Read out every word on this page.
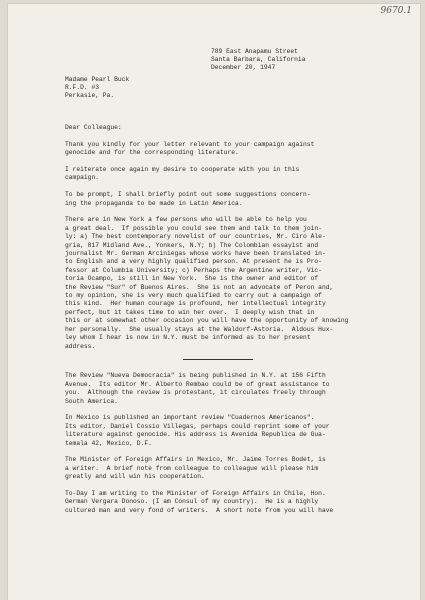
9670.1
789 East Anapamu Street
Santa Barbara, California
December 20, 1947
Madame Pearl Buck
R.F.D. #3
Perkasie, Pa.
Dear Colleague:
Thank you kindly for your letter relevant to your campaign against
genocide and for the corresponding literature.
I reiterate once again my desire to cooperate with you in this
campaign.
To be prompt, I shall briefly point out some suggestions concern-
ing the propaganda to be made in Latin America.
There are in New York a few persons who will be able to help you
a great deal.  If possible you could see them and talk to them join-
ly: a) The best contemporary novelist of our countries, Mr. Ciro Ale-
gria, 817 Midland Ave., Yonkers, N.Y; b) The Colombian essayist and
journalist Mr. German Arciniegas whose works have been translated in-
to English and a very highly qualified person. At present he is Pro-
fessor at Columbia University; c) Perhaps the Argentine writer, Vic-
toria Ocampo, is still in New York.  She is the owner and editor of
the Review "Sur" of Buenos Aires.  She is not an advocate of Peron and,
to my opinion, she is very much qualified to carry out a campaign of
this kind.  Her human courage is profound, her intellectual integrity
perfect, but it takes time to win her over.  I deeply wish that in
this or at somewhat other occasion you will have the opportunity of knowing
her personally.  She usually stays at the Waldorf-Astoria.  Aldous Hux-
ley whom I hear is now in N.Y. must be informed as to her present
address.
The Review "Nueva Democracia" is being published in N.Y. at 156 Fifth
Avenue.  Its editor Mr. Alberto Rembao could be of great assistance to
you.  Although the review is protestant, it circulates freely through
South America.
In Mexico is published an important review "Cuadernos Americanos".
Its editor, Daniel Cossio Villegas, perhaps could reprint some of your
literature against genocide. His address is Avenida Republica de Gua-
temala 42, Mexico, D.F.
The Minister of Foreign Affairs in Mexico, Mr. Jaime Torres Bodet, is
a writer.  A brief note from colleague to colleague will please him
greatly and will win his cooperation.
To-Day I am writing to the Minister of Foreign Affairs in Chile, Hon.
German Vergara Donoso. (I am Consul of my country).  He is a highly
cultured man and very fond of writers.  A short note from you will have
